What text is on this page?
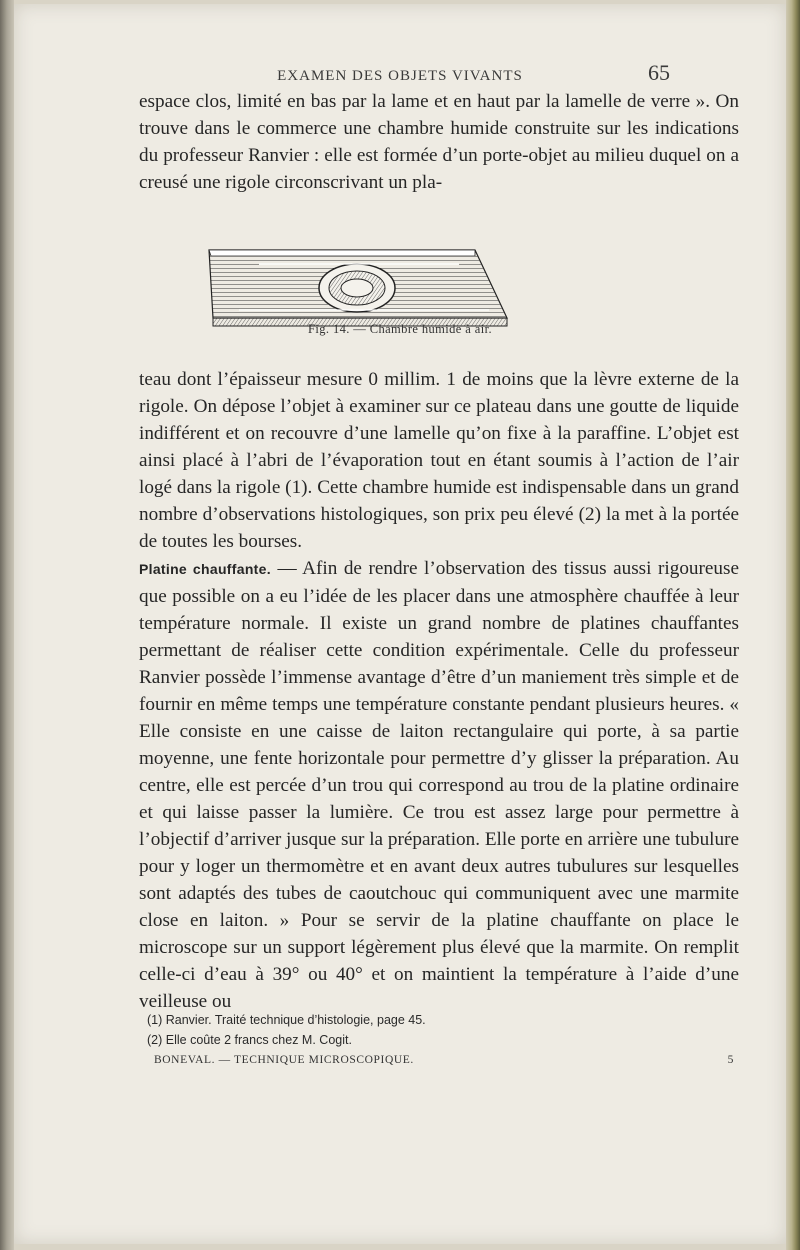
EXAMEN DES OBJETS VIVANTS	65

espace clos, limité en bas par la lame et en haut par la lamelle de verre ». On trouve dans le commerce une chambre humide construite sur les indications du professeur Ranvier : elle est formée d’un porte-objet au milieu duquel on a creusé une rigole circonscrivant un pla-

Fig. 14. — Chambre humide à air.

teau dont l’épaisseur mesure 0 millim. 1 de moins que la lèvre externe de la rigole. On dépose l’objet à examiner sur ce plateau dans une goutte de liquide indifférent et on recouvre d’une lamelle qu’on fixe à la paraffine. L’objet est ainsi placé à l’abri de l’évaporation tout en étant soumis à l’action de l’air logé dans la rigole (1). Cette chambre humide est indispensable dans un grand nombre d’observations histologiques, son prix peu élevé (2) la met à la portée de toutes les bourses.

Platine chauffante. — Afin de rendre l’observation des tissus aussi rigoureuse que possible on a eu l’idée de les placer dans une atmosphère chauffée à leur température normale. Il existe un grand nombre de platines chauffantes permettant de réaliser cette condition expérimentale. Celle du professeur Ranvier possède l’immense avantage d’être d’un maniement très simple et de fournir en même temps une température constante pendant plusieurs heures. « Elle consiste en une caisse de laiton rectangulaire qui porte, à sa partie moyenne, une fente horizontale pour permettre d’y glisser la préparation. Au centre, elle est percée d’un trou qui correspond au trou de la platine ordinaire et qui laisse passer la lumière. Ce trou est assez large pour permettre à l’objectif d’arriver jusque sur la préparation. Elle porte en arrière une tubulure pour y loger un thermomètre et en avant deux autres tubulures sur lesquelles sont adaptés des tubes de caoutchouc qui communiquent avec une marmite close en laiton. » Pour se servir de la platine chauffante on place le microscope sur un support légèrement plus élevé que la marmite. On remplit celle-ci d’eau à 39° ou 40° et on maintient la température à l’aide d’une veilleuse ou

(1) Ranvier. Traité technique d’histologie, page 45.
(2) Elle coûte 2 francs chez M. Cogit.
BONEVAL. — TECHNIQUE MICROSCOPIQUE.	5
